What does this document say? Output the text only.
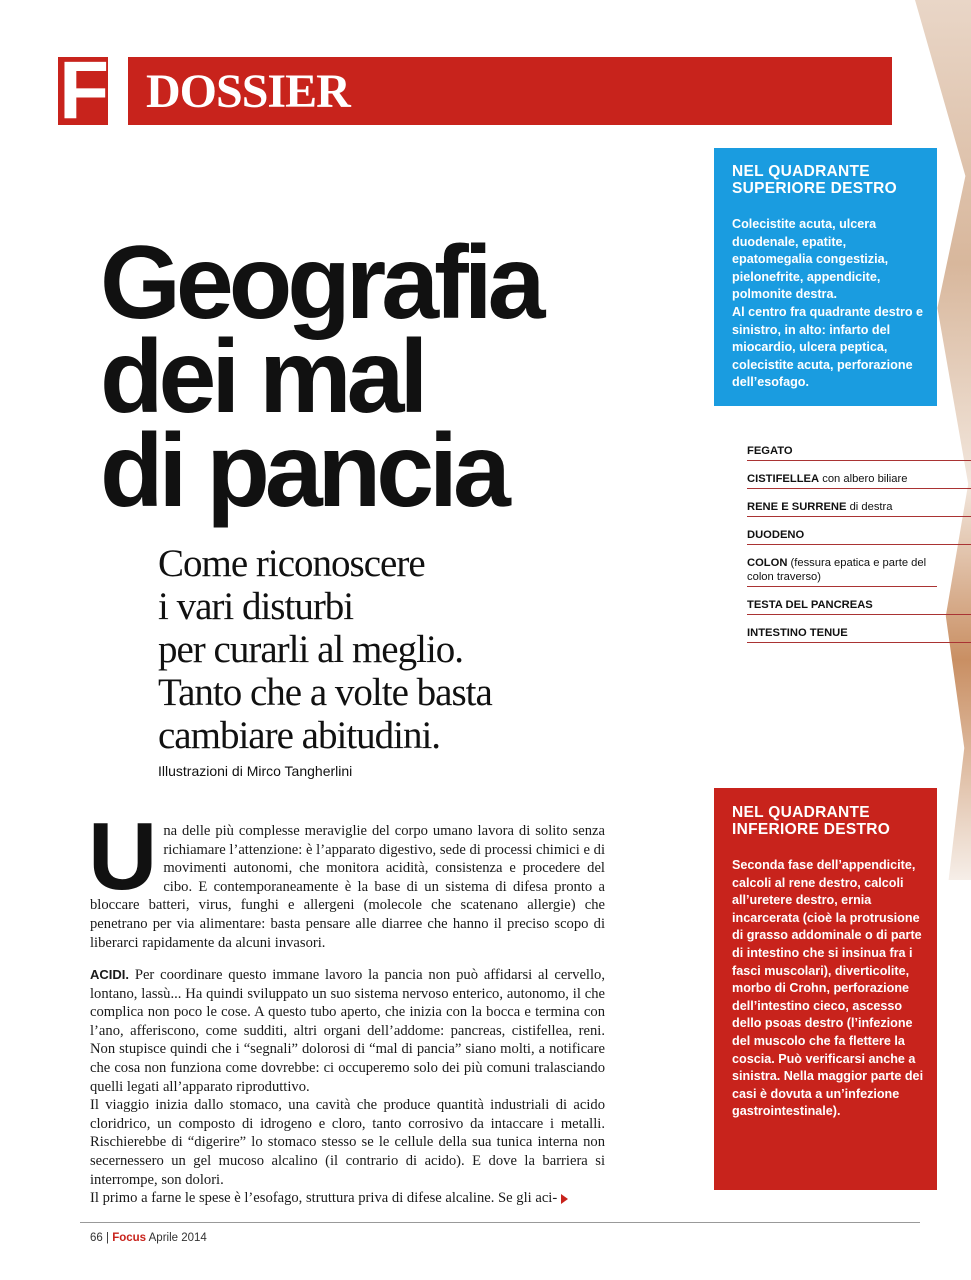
F DOSSIER
Geografia
dei mal
di pancia
Come riconoscere
i vari disturbi
per curarli al meglio.
Tanto che a volte basta
cambiare abitudini.
Illustrazioni di Mirco Tangherlini
Una delle più complesse meraviglie del corpo umano lavora di solito senza richiamare l’attenzione: è l’apparato digestivo, sede di processi chimici e di movimenti autonomi, che monitora acidità, consistenza e procedere del cibo. E contemporaneamente è la base di un sistema di difesa pronto a bloccare batteri, virus, funghi e allergeni (molecole che scatenano allergie) che penetrano per via alimentare: basta pensare alle diarree che hanno il preciso scopo di liberarci rapidamente da alcuni invasori.

ACIDI. Per coordinare questo immane lavoro la pancia non può affidarsi al cervello, lontano, lassù... Ha quindi sviluppato un suo sistema nervoso enterico, autonomo, il che complica non poco le cose. A questo tubo aperto, che inizia con la bocca e termina con l’ano, afferiscono, come sudditi, altri organi dell’addome: pancreas, cistifellea, reni. Non stupisce quindi che i “segnali” dolorosi di “mal di pancia” siano molti, a notificare che cosa non funziona come dovrebbe: ci occuperemo solo dei più comuni tralasciando quelli legati all’apparato riproduttivo.

Il viaggio inizia dallo stomaco, una cavità che produce quantità industriali di acido cloridrico, un composto di idrogeno e cloro, tanto corrosivo da intaccare i metalli. Rischierebbe di “digerire” lo stomaco stesso se le cellule della sua tunica interna non secernessero un gel mucoso alcalino (il contrario di acido). E dove la barriera si interrompe, son dolori.

Il primo a farne le spese è l’esofago, struttura priva di difese alcaline. Se gli aci-

NEL QUADRANTE
SUPERIORE DESTRO
Colecistite acuta, ulcera duodenale, epatite, epatomegalia congestizia, pielonefrite, appendicite, polmonite destra.
Al centro fra quadrante destro e sinistro, in alto: infarto del miocardio, ulcera peptica, colecistite acuta, perforazione dell’esofago.
FEGATO
CISTIFELLEA con albero biliare
RENE E SURRENE di destra
DUODENO
COLON (fessura epatica e parte del colon traverso)
TESTA DEL PANCREAS
INTESTINO TENUE
NEL QUADRANTE
INFERIORE DESTRO
Seconda fase dell’appendicite, calcoli al rene destro, calcoli all’uretere destro, ernia incarcerata (cioè la protrusione di grasso addominale o di parte di intestino che si insinua fra i fasci muscolari), diverticolite, morbo di Crohn, perforazione dell’intestino cieco, ascesso dello psoas destro (l’infezione del muscolo che fa flettere la coscia. Può verificarsi anche a sinistra. Nella maggior parte dei casi è dovuta a un’infezione gastrointestinale).
66 | Focus Aprile 2014
